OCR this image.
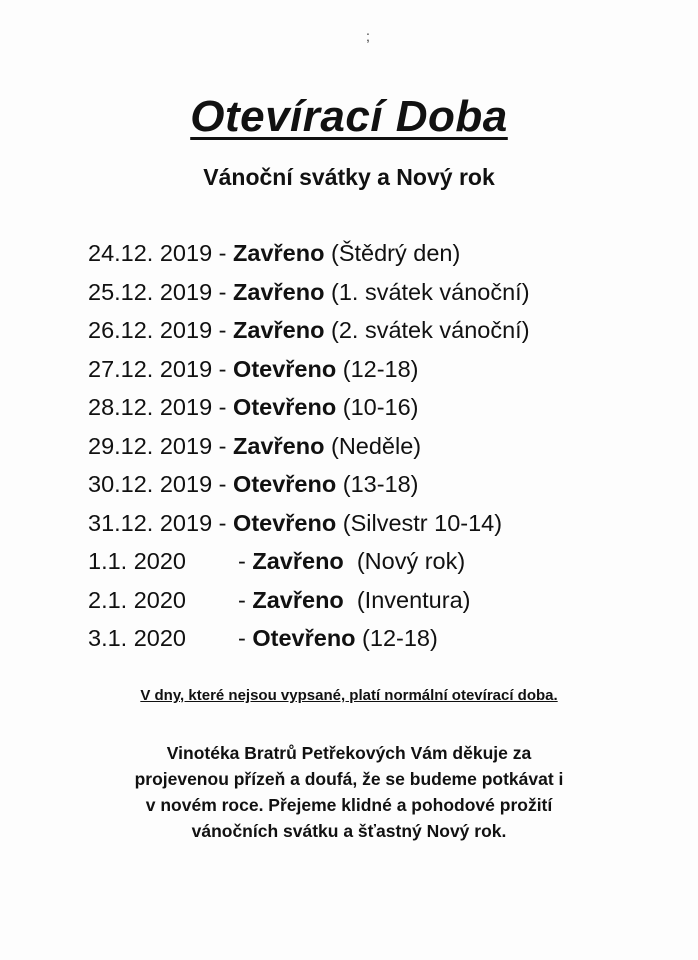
;
Otevírací Doba
Vánoční svátky a Nový rok
24.12. 2019 - Zavřeno (Štědrý den)
25.12. 2019 - Zavřeno (1. svátek vánoční)
26.12. 2019 - Zavřeno (2. svátek vánoční)
27.12. 2019 - Otevřeno (12-18)
28.12. 2019 - Otevřeno (10-16)
29.12. 2019 - Zavřeno (Neděle)
30.12. 2019 - Otevřeno (13-18)
31.12. 2019 - Otevřeno (Silvestr 10-14)
1.1. 2020 - Zavřeno  (Nový rok)
2.1. 2020 - Zavřeno  (Inventura)
3.1. 2020 - Otevřeno (12-18)
V dny, které nejsou vypsané, platí normální otevírací doba.
Vinotéka Bratrů Petřekových Vám děkuje za
projevenou přízeň a doufá, že se budeme potkávat i
v novém roce. Přejeme klidné a pohodové prožití
vánočních svátku a šťastný Nový rok.
